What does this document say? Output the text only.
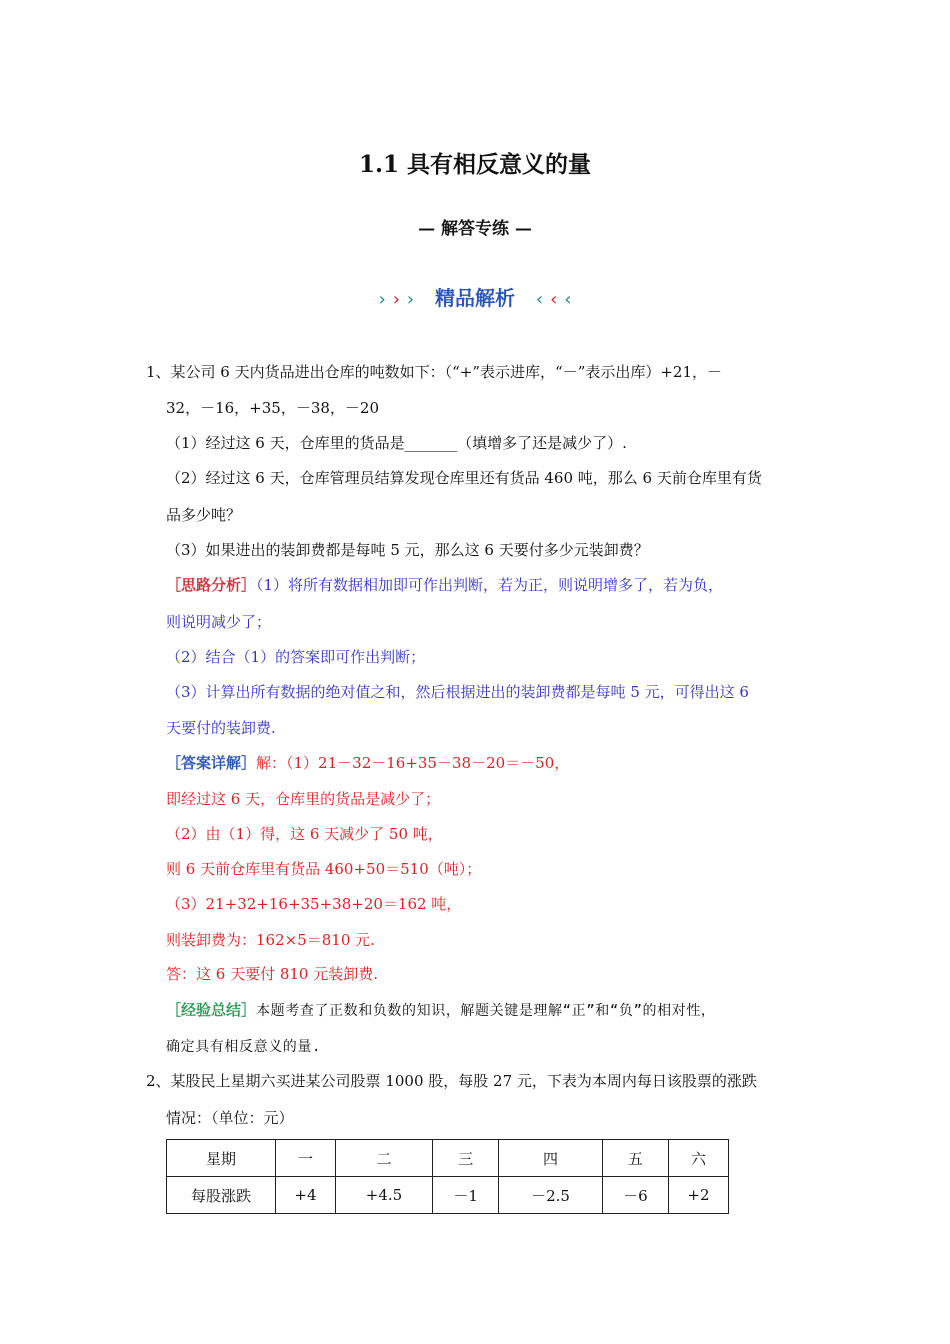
1.1 具有相反意义的量
— 解答专练 —
› › › 精品解析 ‹ ‹ ‹
1、某公司 6 天内货品进出仓库的吨数如下：（“+”表示进库，“－”表示出库）+21，－
32，－16，+35，－38，－20
（1）经过这 6 天，仓库里的货品是_______（填增多了还是减少了）.
（2）经过这 6 天，仓库管理员结算发现仓库里还有货品 460 吨，那么 6 天前仓库里有货
品多少吨？
（3）如果进出的装卸费都是每吨 5 元，那么这 6 天要付多少元装卸费？
［思路分析］（1）将所有数据相加即可作出判断，若为正，则说明增多了，若为负，
则说明减少了；
（2）结合（1）的答案即可作出判断；
（3）计算出所有数据的绝对值之和，然后根据进出的装卸费都是每吨 5 元，可得出这 6
天要付的装卸费.
［答案详解］解：（1）21－32－16+35－38－20＝－50，
即经过这 6 天，仓库里的货品是减少了；
（2）由（1）得，这 6 天减少了 50 吨，
则 6 天前仓库里有货品 460+50＝510（吨）；
（3）21+32+16+35+38+20＝162 吨，
则装卸费为：162×5＝810 元.
答：这 6 天要付 810 元装卸费.
［经验总结］本题考查了正数和负数的知识，解题关键是理解“正”和“负”的相对性，
确定具有相反意义的量.
2、某股民上星期六买进某公司股票 1000 股，每股 27 元，下表为本周内每日该股票的涨跌
情况：（单位：元）
星期	一	二	三	四	五	六
每股涨跌	+4	+4.5	－1	－2.5	－6	+2
